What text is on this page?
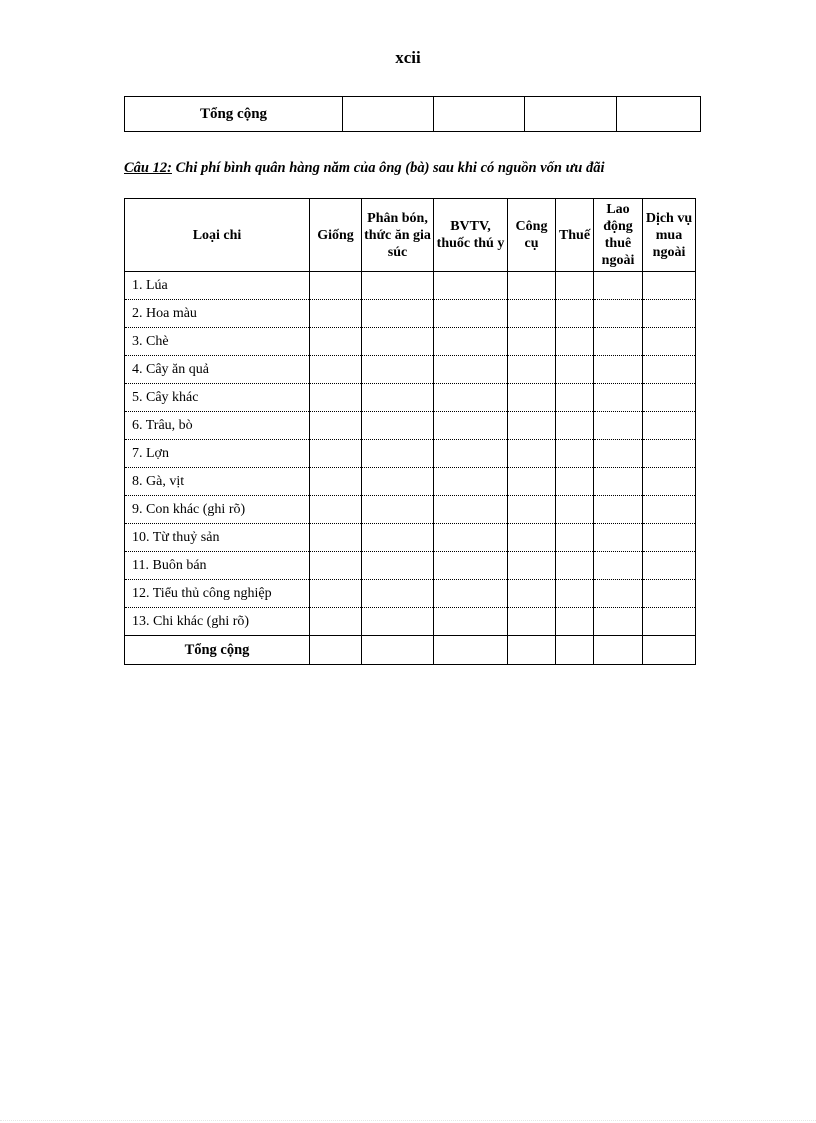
xcii
Tổng cộng				
Câu 12: Chi phí bình quân hàng năm của ông (bà) sau khi có nguồn vốn ưu đãi
Loại chi	Giống	Phân bón, thức ăn gia súc	BVTV, thuốc thú y	Công cụ	Thuế	Lao động thuê ngoài	Dịch vụ mua ngoài
1. Lúa							
2. Hoa màu							
3. Chè							
4. Cây ăn quả							
5. Cây khác							
6. Trâu, bò							
7. Lợn							
8. Gà, vịt							
9. Con khác (ghi rõ)							
10. Từ thuỷ sản							
11. Buôn bán							
12. Tiểu thủ công nghiệp							
13. Chi khác (ghi rõ)							
Tổng cộng							
